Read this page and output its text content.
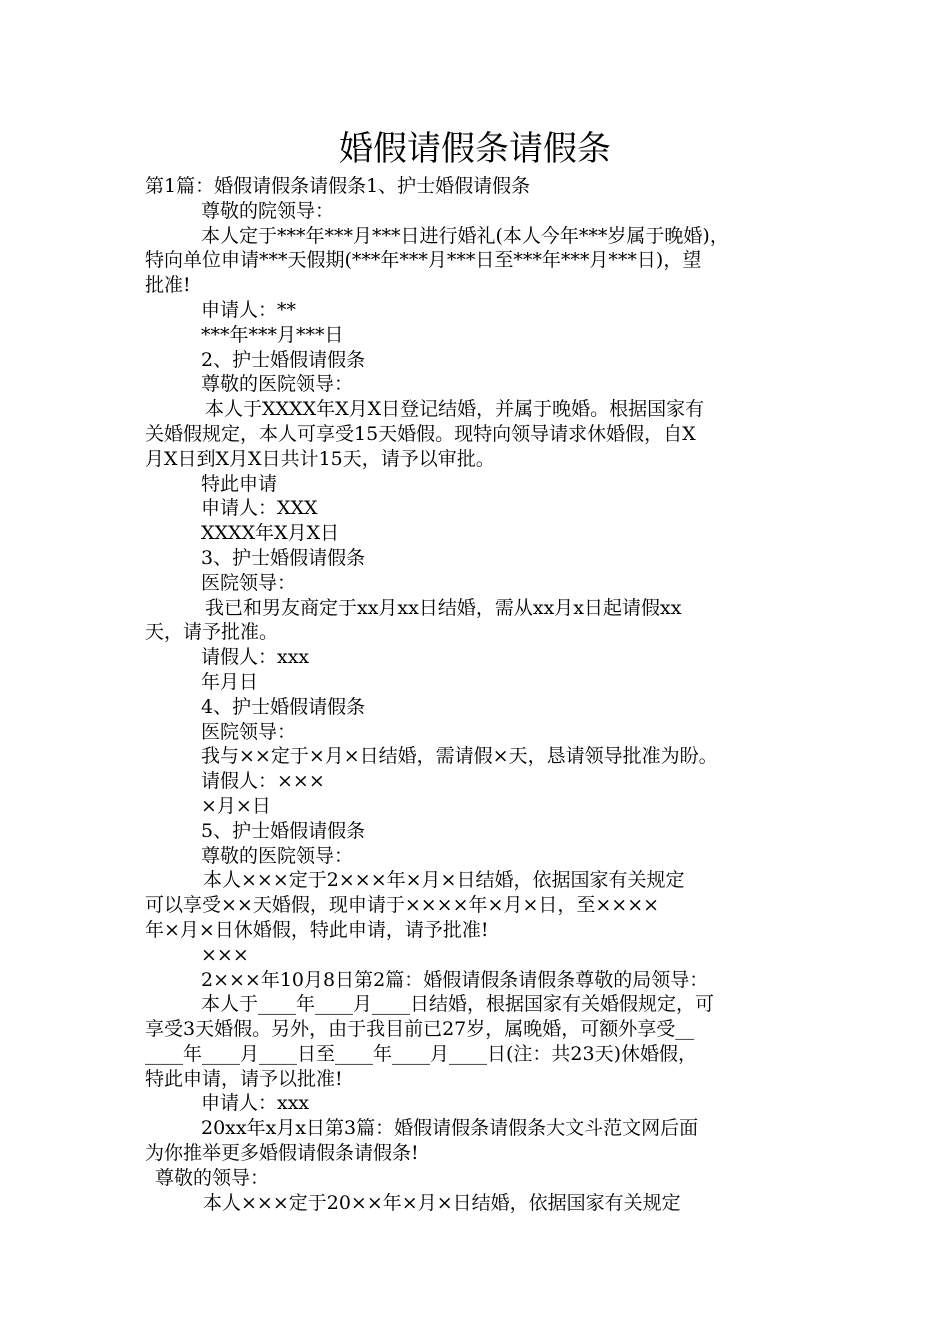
婚假请假条请假条
第1篇：婚假请假条请假条1、护士婚假请假条
尊敬的院领导：
本人定于***年***月***日进行婚礼(本人今年***岁属于晚婚)，
特向单位申请***天假期(***年***月***日至***年***月***日)，望
批准!
申请人：**
***年***月***日
2、护士婚假请假条
尊敬的医院领导：
本人于XXXX年X月X日登记结婚，并属于晚婚。根据国家有
关婚假规定，本人可享受15天婚假。现特向领导请求休婚假，自X
月X日到X月X日共计15天，请予以审批。
特此申请
申请人：XXX
XXXX年X月X日
3、护士婚假请假条
医院领导：
我已和男友商定于xx月xx日结婚，需从xx月x日起请假xx
天，请予批准。
请假人：xxx
年月日
4、护士婚假请假条
医院领导：
我与××定于×月×日结婚，需请假×天，恳请领导批准为盼。
请假人：×××
×月×日
5、护士婚假请假条
尊敬的医院领导：
本人×××定于2×××年×月×日结婚，依据国家有关规定
可以享受××天婚假，现申请于××××年×月×日，至××××
年×月×日休婚假，特此申请，请予批准!
×××
2×××年10月8日第2篇：婚假请假条请假条尊敬的局领导：
本人于____年____月____日结婚，根据国家有关婚假规定，可
享受3天婚假。另外，由于我目前已27岁，属晚婚，可额外享受__
____年____月____日至____年____月____日(注：共23天)休婚假，
特此申请，请予以批准!
申请人：xxx
20xx年x月x日第3篇：婚假请假条请假条大文斗范文网后面
为你推举更多婚假请假条请假条!
尊敬的领导：
本人×××定于20××年×月×日结婚，依据国家有关规定
